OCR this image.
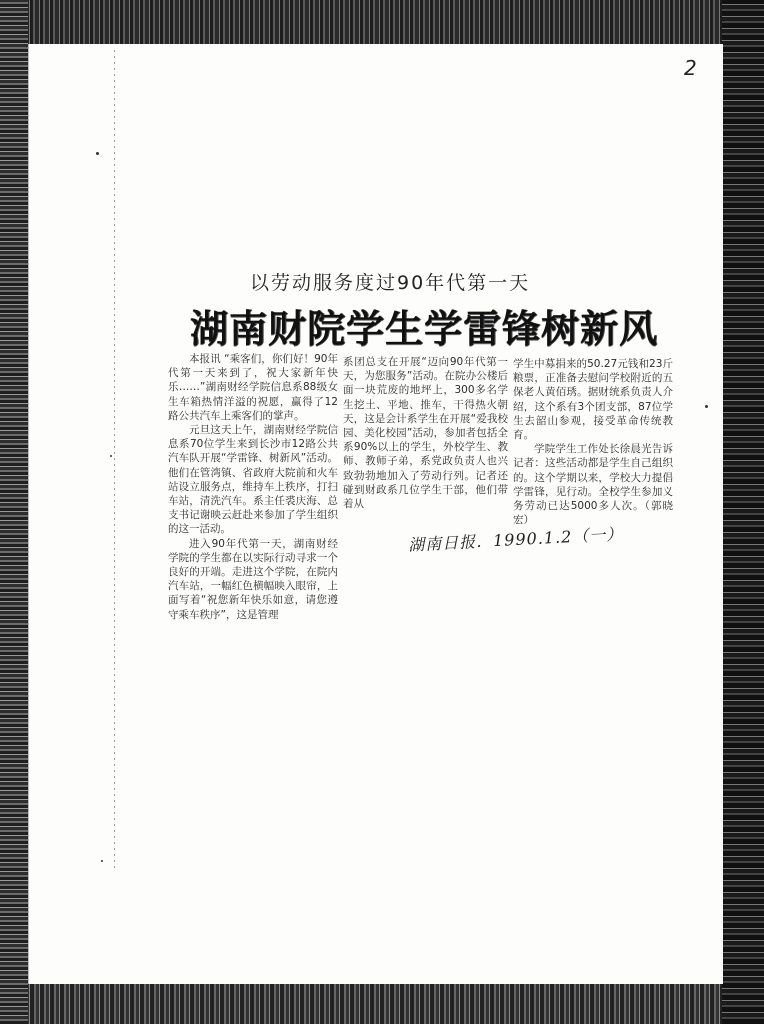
2
以劳动服务度过90年代第一天
湖南财院学生学雷锋树新风

本报讯 “乘客们，你们好！90年代第一天来到了，祝大家新年快乐……”湖南财经学院信息系88级女生车箱热情洋溢的祝愿，赢得了12路公共汽车上乘客们的掌声。

元旦这天上午，湖南财经学院信息系70位学生来到长沙市12路公共汽车队开展“学雷锋、树新风”活动。他们在管湾镇、省政府大院前和火车站设立服务点，维持车上秩序，打扫车站，清洗汽车。系主任裘庆海、总支书记谢映云赶赴来参加了学生组织的这一活动。

进入90年代第一天，湖南财经学院的学生都在以实际行动寻求一个良好的开端。走进这个学院，在院内汽车站，一幅红色横幅映入眼帘，上面写着“祝您新年快乐如意，请您遵守乘车秩序”，这是管理

系团总支在开展“迈向90年代第一天，为您服务”活动。在院办公楼后面一块荒废的地坪上，300多名学生挖土、平地、推车，干得热火朝天，这是会计系学生在开展“爱我校园、美化校园”活动，参加者包括全系90%以上的学生，外校学生、教师、教师子弟，系党政负责人也兴致勃勃地加入了劳动行列。记者还碰到财政系几位学生干部，他们带着从

学生中募捐来的50.27元钱和23斤粮票，正准备去慰问学校附近的五保老人黄佰琇。据财统系负责人介绍，这个系有3个团支部，87位学生去韶山参观，接受革命传统教育。

学院学生工作处长徐晨光告诉记者：这些活动都是学生自己组织的。这个学期以来，学校大力提倡学雷锋，见行动。全校学生参加义务劳动已达5000多人次。（郭晓宏）

湖南日报．1990.1.2（一）
